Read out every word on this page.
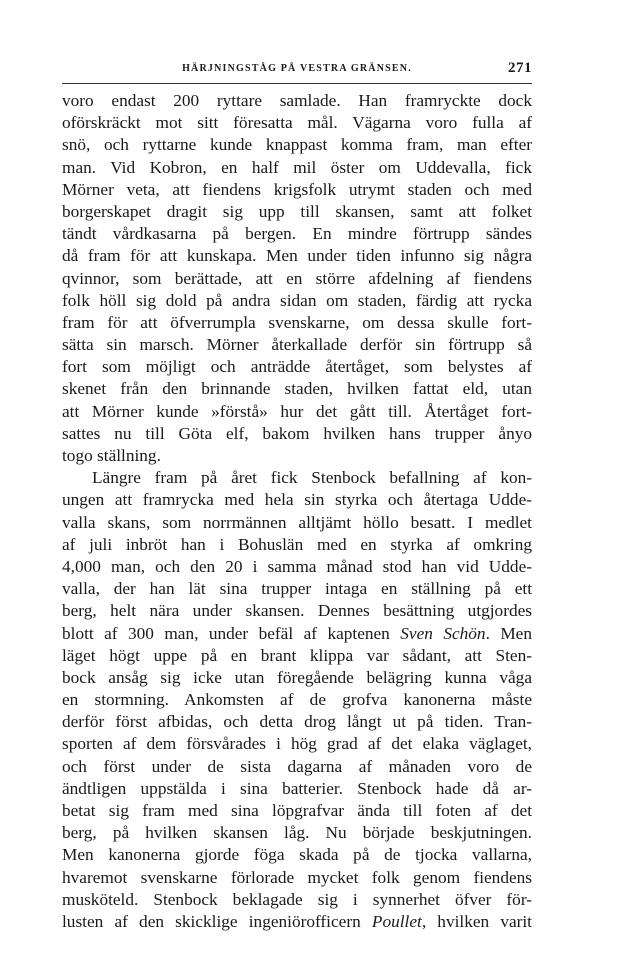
HÄRJNINGSTÅG PÅ VESTRA GRÄNSEN.	271
voro endast 200 ryttare samlade. Han framryckte dock
oförskräckt mot sitt föresatta mål. Vägarna voro fulla af
snö, och ryttarne kunde knappast komma fram, man efter
man. Vid Kobron, en half mil öster om Uddevalla, fick
Mörner veta, att fiendens krigsfolk utrymt staden och med
borgerskapet dragit sig upp till skansen, samt att folket
tändt vårdkasarna på bergen. En mindre förtrupp sändes
då fram för att kunskapa. Men under tiden infunno sig några
qvinnor, som berättade, att en större afdelning af fiendens
folk höll sig dold på andra sidan om staden, färdig att rycka
fram för att öfverrumpla svenskarne, om dessa skulle fort-
sätta sin marsch. Mörner återkallade derför sin förtrupp så
fort som möjligt och anträdde återtåget, som belystes af
skenet från den brinnande staden, hvilken fattat eld, utan
att Mörner kunde »förstå» hur det gått till. Återtåget fort-
sattes nu till Göta elf, bakom hvilken hans trupper ånyo
togo ställning.
Längre fram på året fick Stenbock befallning af kon-
ungen att framrycka med hela sin styrka och återtaga Udde-
valla skans, som norrmännen alltjämt höllo besatt. I medlet
af juli inbröt han i Bohuslän med en styrka af omkring
4,000 man, och den 20 i samma månad stod han vid Udde-
valla, der han lät sina trupper intaga en ställning på ett
berg, helt nära under skansen. Dennes besättning utgjordes
blott af 300 man, under befäl af kaptenen Sven Schön. Men
läget högt uppe på en brant klippa var sådant, att Sten-
bock ansåg sig icke utan föregående belägring kunna våga
en stormning. Ankomsten af de grofva kanonerna måste
derför först afbidas, och detta drog långt ut på tiden. Tran-
sporten af dem försvårades i hög grad af det elaka väglaget,
och först under de sista dagarna af månaden voro de
ändtligen uppstälda i sina batterier. Stenbock hade då ar-
betat sig fram med sina löpgrafvar ända till foten af det
berg, på hvilken skansen låg. Nu började beskjutningen.
Men kanonerna gjorde föga skada på de tjocka vallarna,
hvaremot svenskarne förlorade mycket folk genom fiendens
musköteld. Stenbock beklagade sig i synnerhet öfver för-
lusten af den skicklige ingeniörofficern Poullet, hvilken varit
